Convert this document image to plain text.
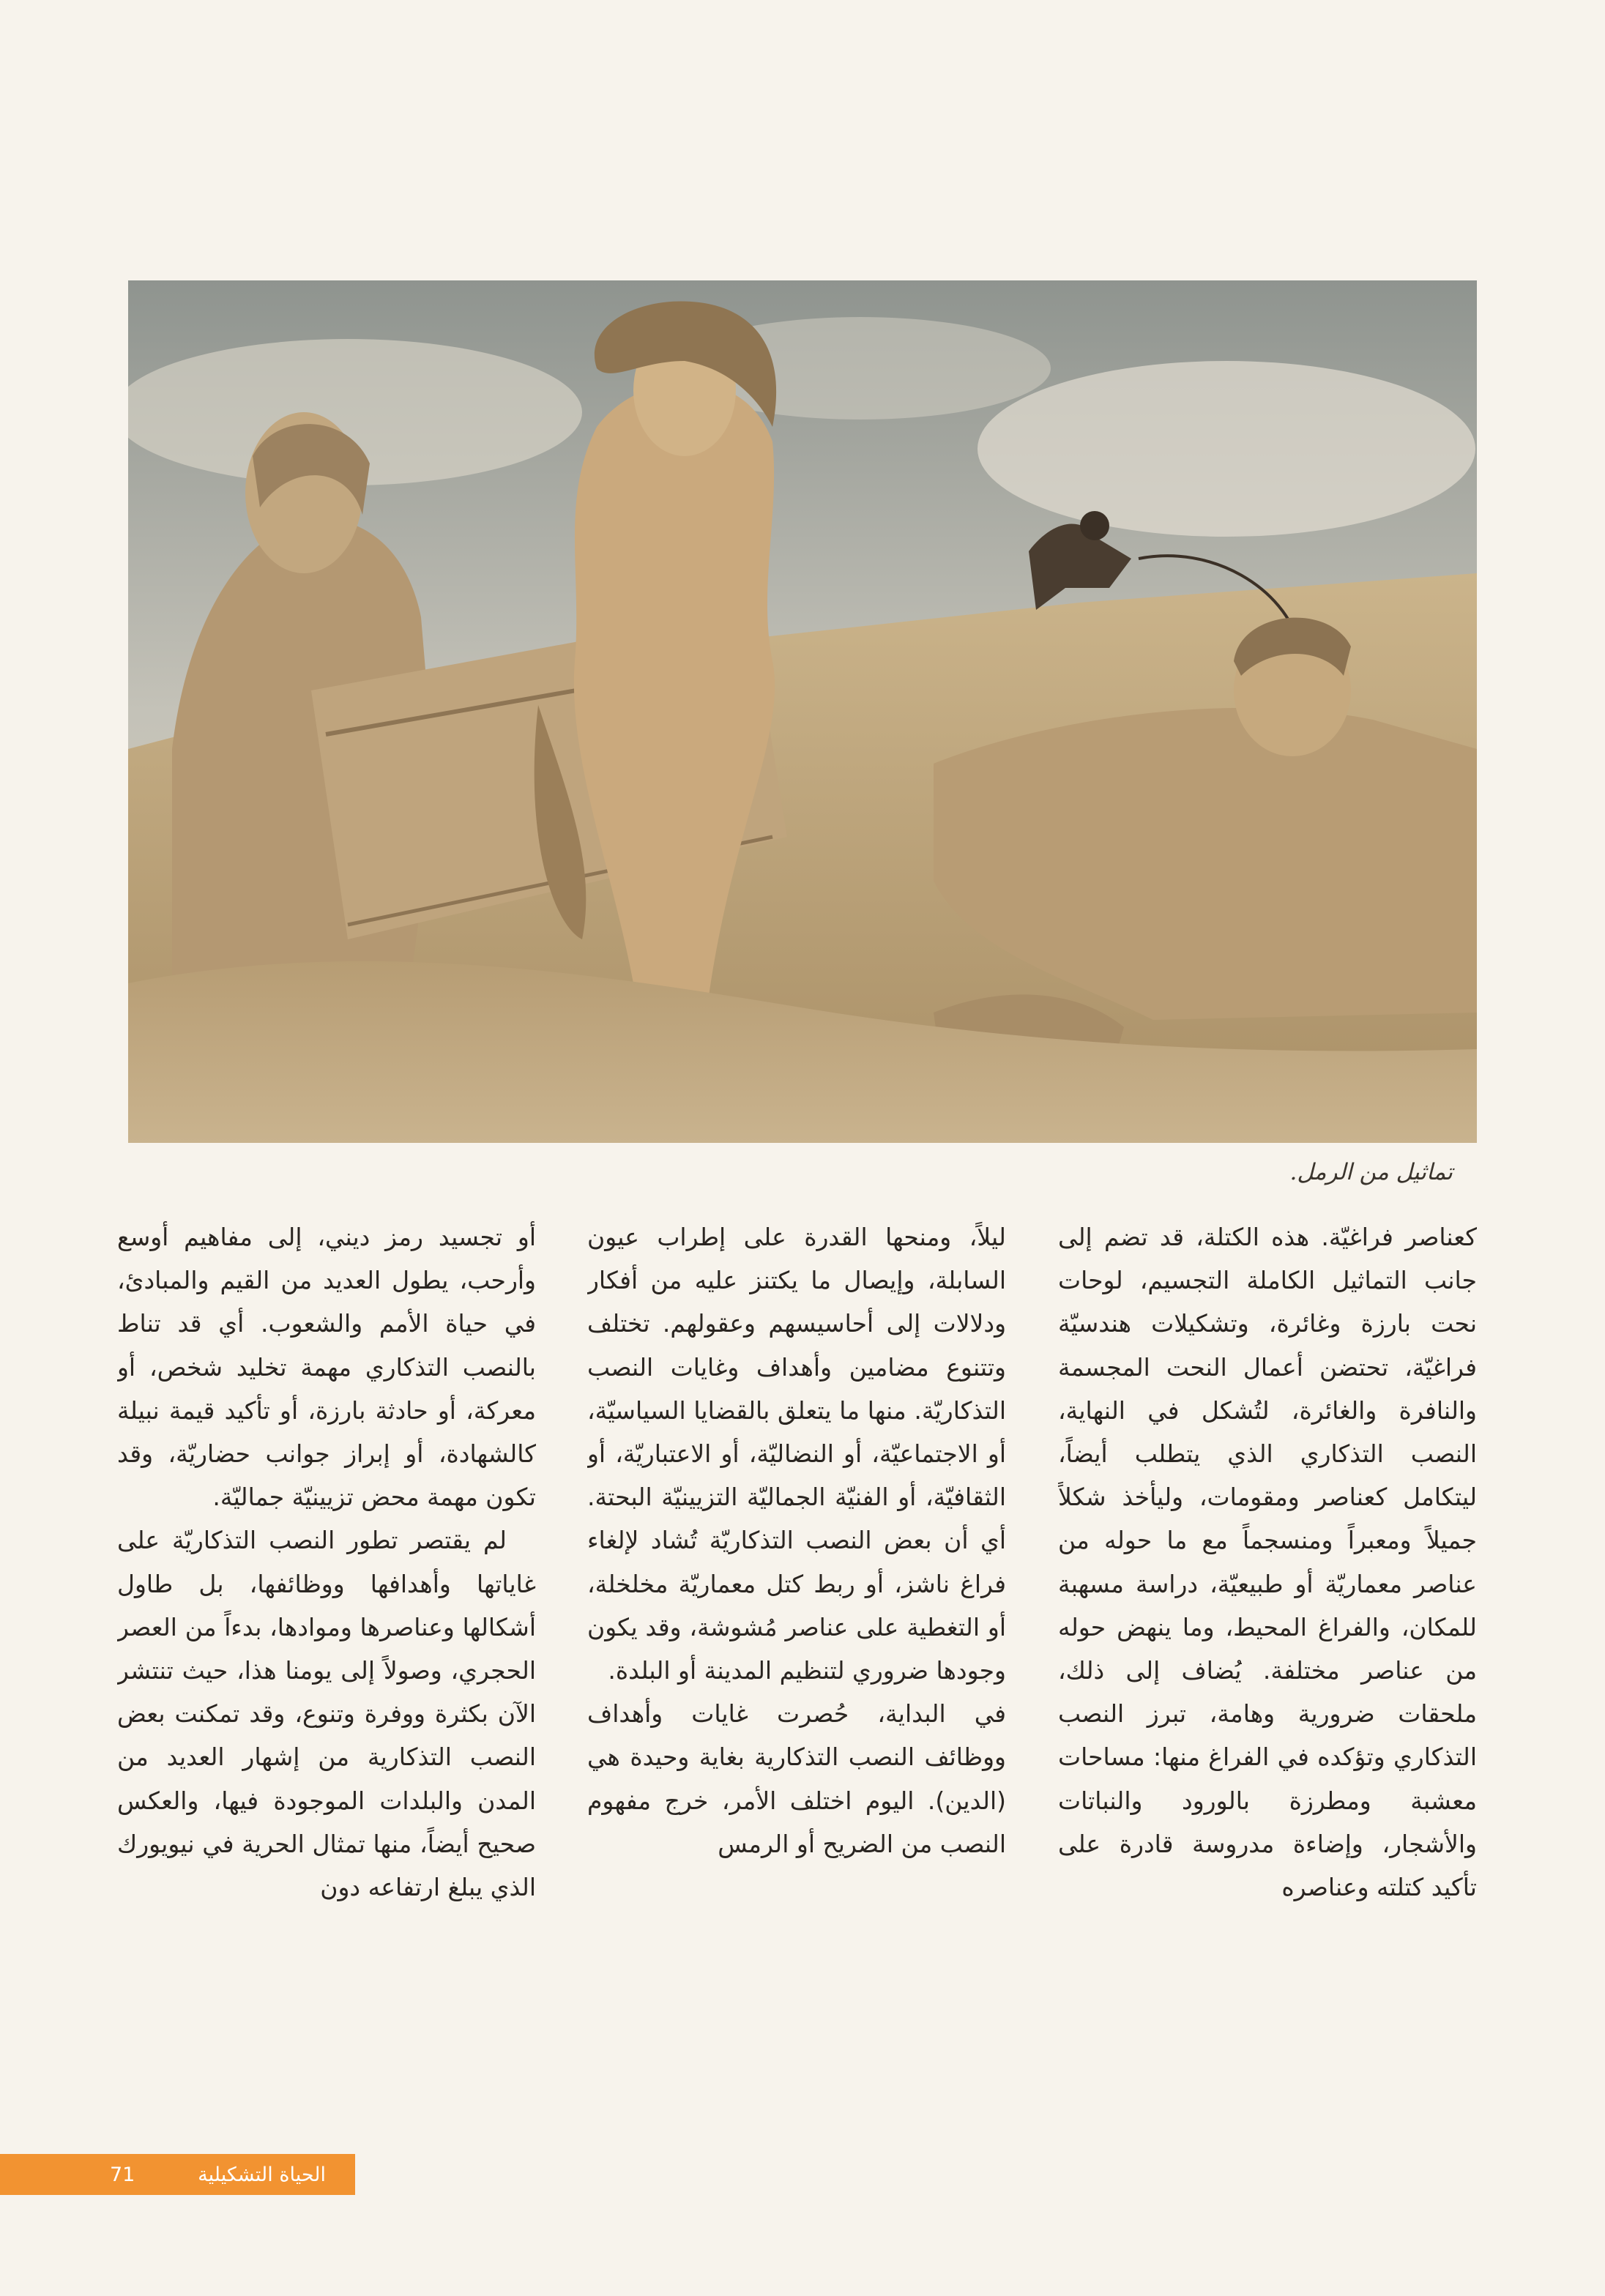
تماثيل من الرمل.

كعناصر فراغيّة. هذه الكتلة، قد تضم إلى جانب التماثيل الكاملة التجسيم، لوحات نحت بارزة وغائرة، وتشكيلات هندسيّة فراغيّة، تحتضن أعمال النحت المجسمة والنافرة والغائرة، لتُشكل في النهاية، النصب التذكاري الذي يتطلب أيضاً، ليتكامل كعناصر ومقومات، وليأخذ شكلاً جميلاً ومعبراً ومنسجماً مع ما حوله من عناصر معماريّة أو طبيعيّة، دراسة مسهبة للمكان، والفراغ المحيط، وما ينهض حوله من عناصر مختلفة. يُضاف إلى ذلك، ملحقات ضرورية وهامة، تبرز النصب التذكاري وتؤكده في الفراغ منها: مساحات معشبة ومطرزة بالورود والنباتات والأشجار، وإضاءة مدروسة قادرة على تأكيد كتلته وعناصره

ليلاً، ومنحها القدرة على إطراب عيون السابلة، وإيصال ما يكتنز عليه من أفكار ودلالات إلى أحاسيسهم وعقولهم. تختلف وتتنوع مضامين وأهداف وغايات النصب التذكاريّة. منها ما يتعلق بالقضايا السياسيّة، أو الاجتماعيّة، أو النضاليّة، أو الاعتباريّة، أو الثقافيّة، أو الفنيّة الجماليّة التزيينيّة البحتة. أي أن بعض النصب التذكاريّة تُشاد لإلغاء فراغ ناشز، أو ربط كتل معماريّة مخلخلة، أو التغطية على عناصر مُشوشة، وقد يكون وجودها ضروري لتنظيم المدينة أو البلدة.

في البداية، حُصرت غايات وأهداف ووظائف النصب التذكارية بغاية وحيدة هي (الدين). اليوم اختلف الأمر، خرج مفهوم النصب من الضريح أو الرمس

أو تجسيد رمز ديني، إلى مفاهيم أوسع وأرحب، يطول العديد من القيم والمبادئ، في حياة الأمم والشعوب. أي قد تناط بالنصب التذكاري مهمة تخليد شخص، أو معركة، أو حادثة بارزة، أو تأكيد قيمة نبيلة كالشهادة، أو إبراز جوانب حضاريّة، وقد تكون مهمة محض تزيينيّة جماليّة.

لم يقتصر تطور النصب التذكاريّة على غاياتها وأهدافها ووظائفها، بل طاول أشكالها وعناصرها وموادها، بدءاً من العصر الحجري، وصولاً إلى يومنا هذا، حيث تنتشر الآن بكثرة ووفرة وتنوع، وقد تمكنت بعض النصب التذكارية من إشهار العديد من المدن والبلدات الموجودة فيها، والعكس صحيح أيضاً، منها تمثال الحرية في نيويورك الذي يبلغ ارتفاعه دون

الحياة التشكيلية
71
